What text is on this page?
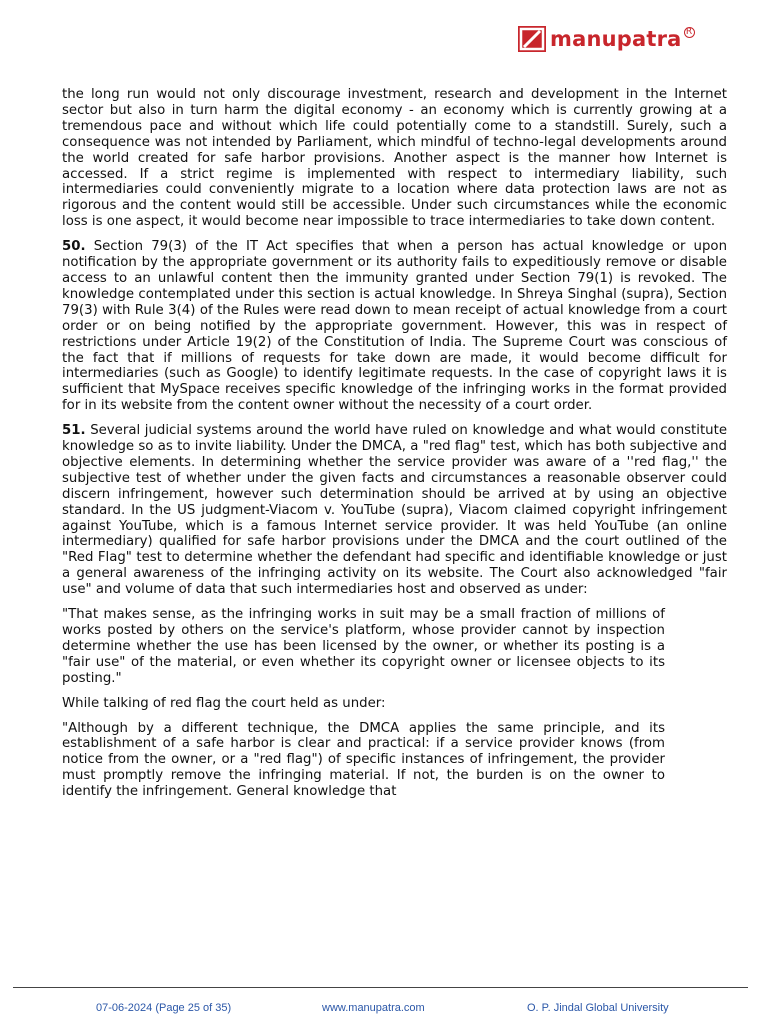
manupatra R

the long run would not only discourage investment, research and development in the Internet sector but also in turn harm the digital economy - an economy which is currently growing at a tremendous pace and without which life could potentially come to a standstill. Surely, such a consequence was not intended by Parliament, which mindful of techno-legal developments around the world created for safe harbor provisions. Another aspect is the manner how Internet is accessed. If a strict regime is implemented with respect to intermediary liability, such intermediaries could conveniently migrate to a location where data protection laws are not as rigorous and the content would still be accessible. Under such circumstances while the economic loss is one aspect, it would become near impossible to trace intermediaries to take down content.

50. Section 79(3) of the IT Act specifies that when a person has actual knowledge or upon notification by the appropriate government or its authority fails to expeditiously remove or disable access to an unlawful content then the immunity granted under Section 79(1) is revoked. The knowledge contemplated under this section is actual knowledge. In Shreya Singhal (supra), Section 79(3) with Rule 3(4) of the Rules were read down to mean receipt of actual knowledge from a court order or on being notified by the appropriate government. However, this was in respect of restrictions under Article 19(2) of the Constitution of India. The Supreme Court was conscious of the fact that if millions of requests for take down are made, it would become difficult for intermediaries (such as Google) to identify legitimate requests. In the case of copyright laws it is sufficient that MySpace receives specific knowledge of the infringing works in the format provided for in its website from the content owner without the necessity of a court order.

51. Several judicial systems around the world have ruled on knowledge and what would constitute knowledge so as to invite liability. Under the DMCA, a "red flag" test, which has both subjective and objective elements. In determining whether the service provider was aware of a ''red flag,'' the subjective test of whether under the given facts and circumstances a reasonable observer could discern infringement, however such determination should be arrived at by using an objective standard. In the US judgment-Viacom v. YouTube (supra), Viacom claimed copyright infringement against YouTube, which is a famous Internet service provider. It was held YouTube (an online intermediary) qualified for safe harbor provisions under the DMCA and the court outlined of the "Red Flag" test to determine whether the defendant had specific and identifiable knowledge or just a general awareness of the infringing activity on its website. The Court also acknowledged "fair use" and volume of data that such intermediaries host and observed as under:

"That makes sense, as the infringing works in suit may be a small fraction of millions of works posted by others on the service's platform, whose provider cannot by inspection determine whether the use has been licensed by the owner, or whether its posting is a "fair use" of the material, or even whether its copyright owner or licensee objects to its posting."

While talking of red flag the court held as under:

"Although by a different technique, the DMCA applies the same principle, and its establishment of a safe harbor is clear and practical: if a service provider knows (from notice from the owner, or a "red flag") of specific instances of infringement, the provider must promptly remove the infringing material. If not, the burden is on the owner to identify the infringement. General knowledge that

07-06-2024 (Page 25 of 35)	www.manupatra.com	O. P. Jindal Global University
